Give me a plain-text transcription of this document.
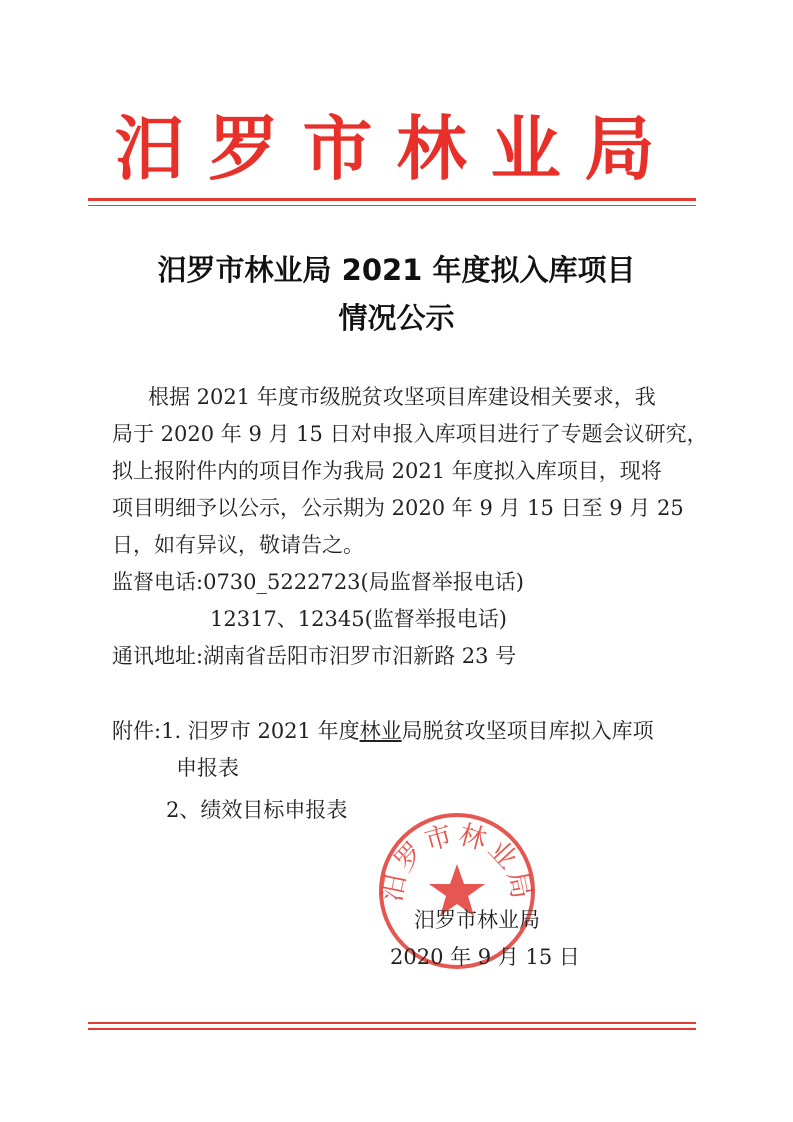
汨罗市林业局
汨罗市林业局 2021 年度拟入库项目
情况公示
根据 2021 年度市级脱贫攻坚项目库建设相关要求，我
局于 2020 年 9 月 15 日对申报入库项目进行了专题会议研究，
拟上报附件内的项目作为我局 2021 年度拟入库项目，现将
项目明细予以公示，公示期为 2020 年 9 月 15 日至 9 月 25
日，如有异议，敬请告之。
监督电话:0730_5222723(局监督举报电话)
12317、12345(监督举报电话)
通讯地址:湖南省岳阳市汨罗市汨新路 23 号
附件:1. 汨罗市 2021 年度林业局脱贫攻坚项目库拟入库项
申报表
2、绩效目标申报表
汨罗市林业局
汨罗市林业局
2020 年 9 月 15 日
